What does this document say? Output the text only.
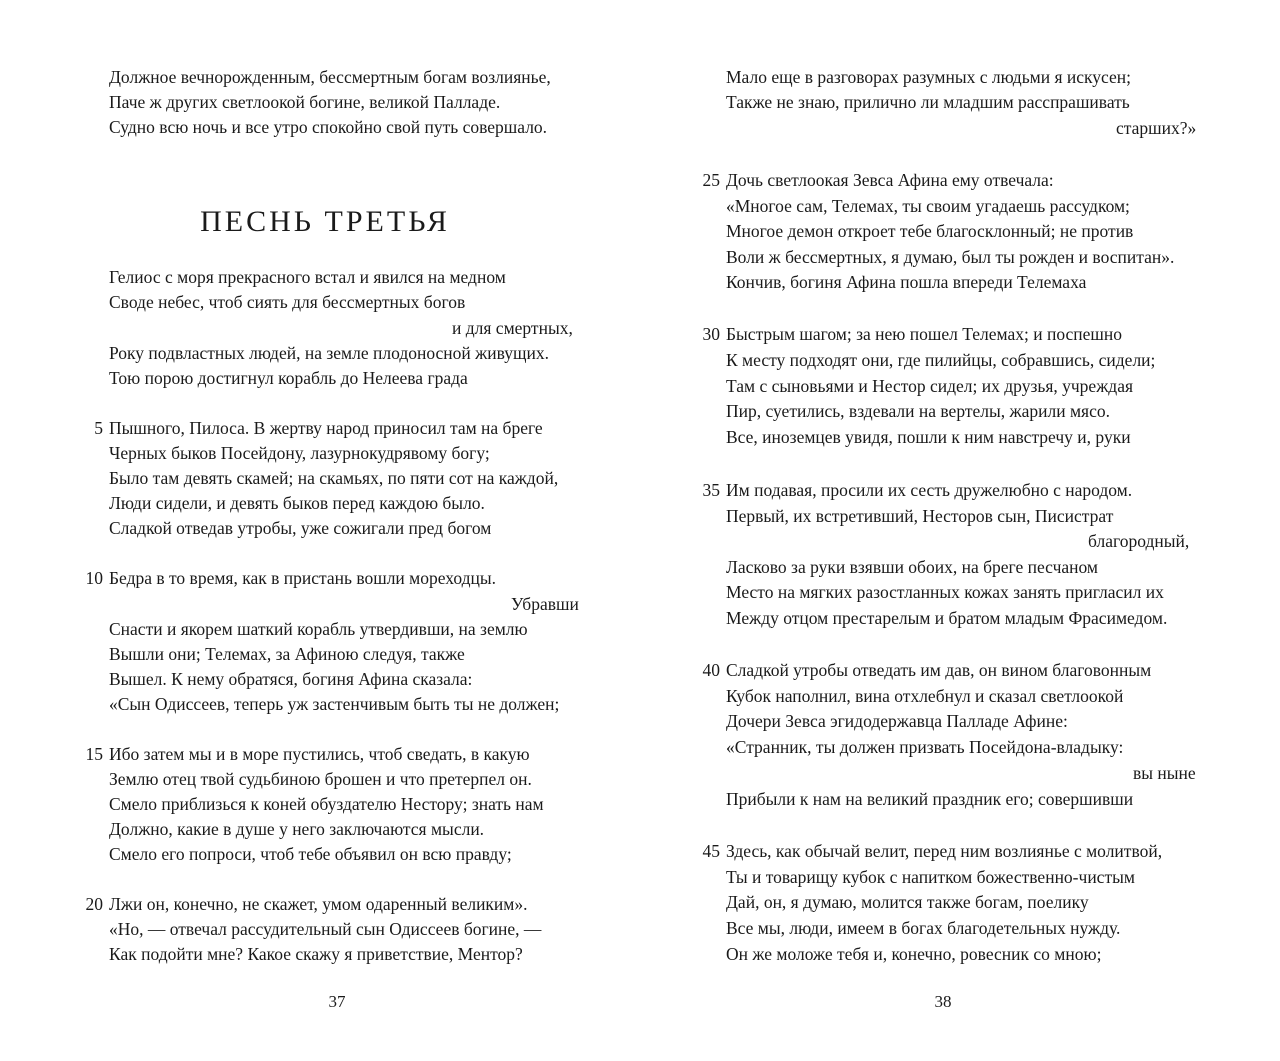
Должное вечнорожденным, бессмертным богам возлиянье,
Паче ж других светлоокой богине, великой Палладе.
Судно всю ночь и все утро спокойно свой путь совершало.
ПЕСНЬ ТРЕТЬЯ
Гелиос с моря прекрасного встал и явился на медном
Своде небес, чтоб сиять для бессмертных богов
и для смертных,
Року подвластных людей, на земле плодоносной живущих.
Тою порою достигнул корабль до Нелеева града
5 Пышного, Пилоса. В жертву народ приносил там на бреге
Черных быков Посейдону, лазурнокудрявому богу;
Было там девять скамей; на скамьях, по пяти сот на каждой,
Люди сидели, и девять быков перед каждою было.
Сладкой отведав утробы, уже сожигали пред богом
10 Бедра в то время, как в пристань вошли мореходцы.
Убравши
Снасти и якорем шаткий корабль утвердивши, на землю
Вышли они; Телемах, за Афиною следуя, также
Вышел. К нему обратяся, богиня Афина сказала:
«Сын Одиссеев, теперь уж застенчивым быть ты не должен;
15 Ибо затем мы и в море пустились, чтоб сведать, в какую
Землю отец твой судьбиною брошен и что претерпел он.
Смело приблизься к коней обуздателю Нестору; знать нам
Должно, какие в душе у него заключаются мысли.
Смело его попроси, чтоб тебе объявил он всю правду;
20 Лжи он, конечно, не скажет, умом одаренный великим».
«Но, — отвечал рассудительный сын Одиссеев богине, —
Как подойти мне? Какое скажу я приветствие, Ментор?
37
Мало еще в разговорах разумных с людьми я искусен;
Также не знаю, прилично ли младшим расспрашивать
старших?»
25 Дочь светлоокая Зевса Афина ему отвечала:
«Многое сам, Телемах, ты своим угадаешь рассудком;
Многое демон откроет тебе благосклонный; не против
Воли ж бессмертных, я думаю, был ты рожден и воспитан».
Кончив, богиня Афина пошла впереди Телемаха
30 Быстрым шагом; за нею пошел Телемах; и поспешно
К месту подходят они, где пилийцы, собравшись, сидели;
Там с сыновьями и Нестор сидел; их друзья, учреждая
Пир, суетились, вздевали на вертелы, жарили мясо.
Все, иноземцев увидя, пошли к ним навстречу и, руки
35 Им подавая, просили их сесть дружелюбно с народом.
Первый, их встретивший, Несторов сын, Писистрат
благородный,
Ласково за руки взявши обоих, на бреге песчаном
Место на мягких разостланных кожах занять пригласил их
Между отцом престарелым и братом младым Фрасимедом.
40 Сладкой утробы отведать им дав, он вином благовонным
Кубок наполнил, вина отхлебнул и сказал светлоокой
Дочери Зевса эгидодержавца Палладе Афине:
«Странник, ты должен призвать Посейдона-владыку:
вы ныне
Прибыли к нам на великий праздник его; совершивши
45 Здесь, как обычай велит, перед ним возлиянье с молитвой,
Ты и товарищу кубок с напитком божественно-чистым
Дай, он, я думаю, молится также богам, поелику
Все мы, люди, имеем в богах благодетельных нужду.
Он же моложе тебя и, конечно, ровесник со мною;
38
